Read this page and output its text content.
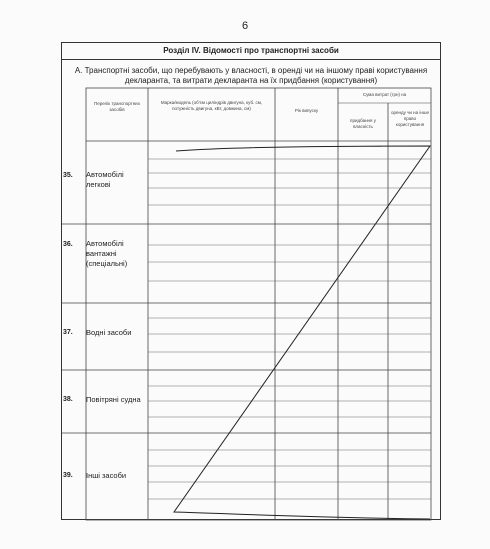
6
Розділ IV. Відомості про транспортні засоби
А. Транспортні засоби, що перебувають у власності, в оренді чи на іншому праві користування декларанта, та витрати декларанта на їх придбання (користування)
Перелік транспортних засобів
Марка/модель (об'єм циліндрів двигуна, куб. см, потужність двигуна, кВт, довжина, см)	Рік випуску
Сума витрат (грн) на
придбання у власність
оренду чи на інше право користування
35. Автомобілі легкові
36. Автомобілі вантажні (спеціальні)
37. Водні засоби
38. Повітряні судна
39. Інші засоби
